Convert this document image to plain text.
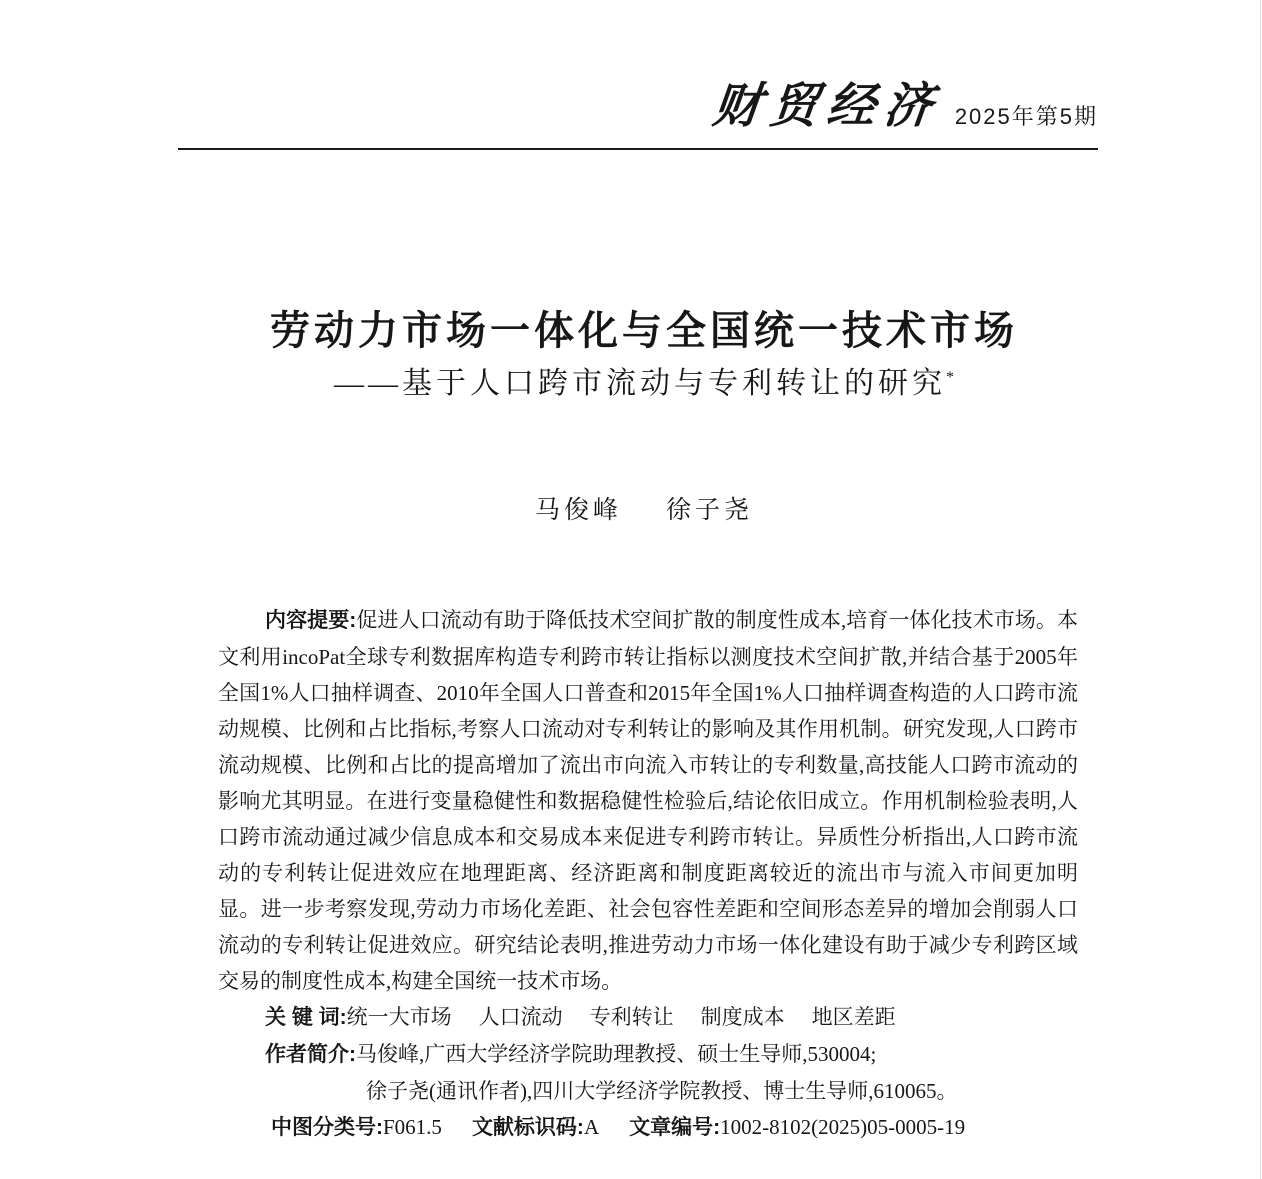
财贸经济 2025年第5期
劳动力市场一体化与全国统一技术市场
——基于人口跨市流动与专利转让的研究*
马俊峰 徐子尧

内容提要:促进人口流动有助于降低技术空间扩散的制度性成本,培育一体化技术市场。本文利用incoPat全球专利数据库构造专利跨市转让指标以测度技术空间扩散,并结合基于2005年全国1%人口抽样调查、2010年全国人口普查和2015年全国1%人口抽样调查构造的人口跨市流动规模、比例和占比指标,考察人口流动对专利转让的影响及其作用机制。研究发现,人口跨市流动规模、比例和占比的提高增加了流出市向流入市转让的专利数量,高技能人口跨市流动的影响尤其明显。在进行变量稳健性和数据稳健性检验后,结论依旧成立。作用机制检验表明,人口跨市流动通过减少信息成本和交易成本来促进专利跨市转让。异质性分析指出,人口跨市流动的专利转让促进效应在地理距离、经济距离和制度距离较近的流出市与流入市间更加明显。进一步考察发现,劳动力市场化差距、社会包容性差距和空间形态差异的增加会削弱人口流动的专利转让促进效应。研究结论表明,推进劳动力市场一体化建设有助于减少专利跨区域交易的制度性成本,构建全国统一技术市场。

关 键 词:统一大市场 人口流动 专利转让 制度成本 地区差距
作者简介:马俊峰,广西大学经济学院助理教授、硕士生导师,530004;
徐子尧(通讯作者),四川大学经济学院教授、博士生导师,610065。
中图分类号:F061.5 文献标识码:A 文章编号:1002-8102(2025)05-0005-19
